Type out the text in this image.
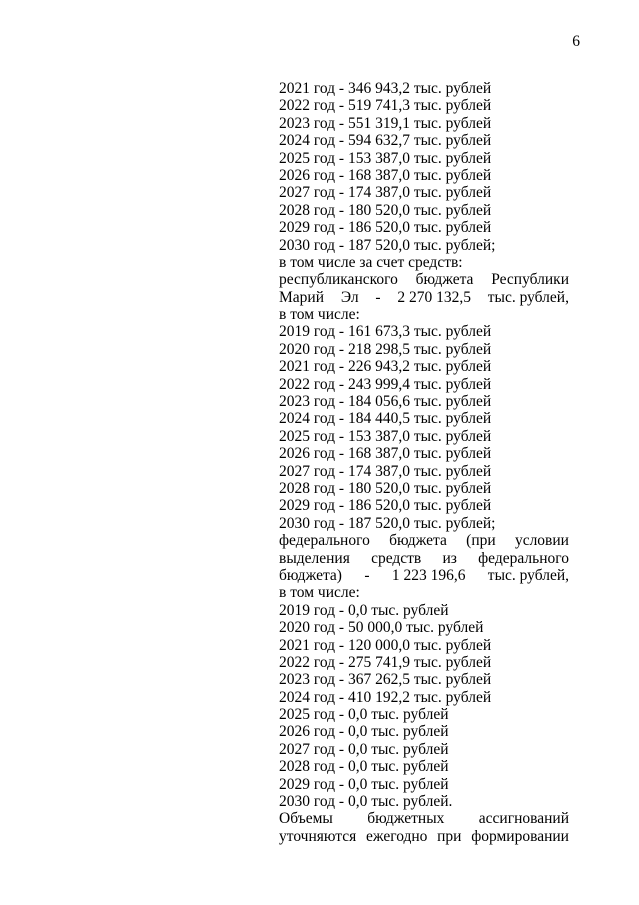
6
2021 год - 346 943,2 тыс. рублей
2022 год - 519 741,3 тыс. рублей
2023 год - 551 319,1 тыс. рублей
2024 год - 594 632,7 тыс. рублей
2025 год - 153 387,0 тыс. рублей
2026 год - 168 387,0 тыс. рублей
2027 год - 174 387,0 тыс. рублей
2028 год - 180 520,0 тыс. рублей
2029 год - 186 520,0 тыс. рублей
2030 год - 187 520,0 тыс. рублей;
в том числе за счет средств:
республиканского бюджета Республики
Марий Эл - 2 270 132,5 тыс. рублей,
в том числе:
2019 год - 161 673,3 тыс. рублей
2020 год - 218 298,5 тыс. рублей
2021 год - 226 943,2 тыс. рублей
2022 год - 243 999,4 тыс. рублей
2023 год - 184 056,6 тыс. рублей
2024 год - 184 440,5 тыс. рублей
2025 год - 153 387,0 тыс. рублей
2026 год - 168 387,0 тыс. рублей
2027 год - 174 387,0 тыс. рублей
2028 год - 180 520,0 тыс. рублей
2029 год - 186 520,0 тыс. рублей
2030 год - 187 520,0 тыс. рублей;
федерального бюджета (при условии
выделения средств из федерального
бюджета) - 1 223 196,6 тыс. рублей,
в том числе:
2019 год - 0,0 тыс. рублей
2020 год - 50 000,0 тыс. рублей
2021 год - 120 000,0 тыс. рублей
2022 год - 275 741,9 тыс. рублей
2023 год - 367 262,5 тыс. рублей
2024 год - 410 192,2 тыс. рублей
2025 год - 0,0 тыс. рублей
2026 год - 0,0 тыс. рублей
2027 год - 0,0 тыс. рублей
2028 год - 0,0 тыс. рублей
2029 год - 0,0 тыс. рублей
2030 год - 0,0 тыс. рублей.
Объемы бюджетных ассигнований
уточняются ежегодно при формировании
